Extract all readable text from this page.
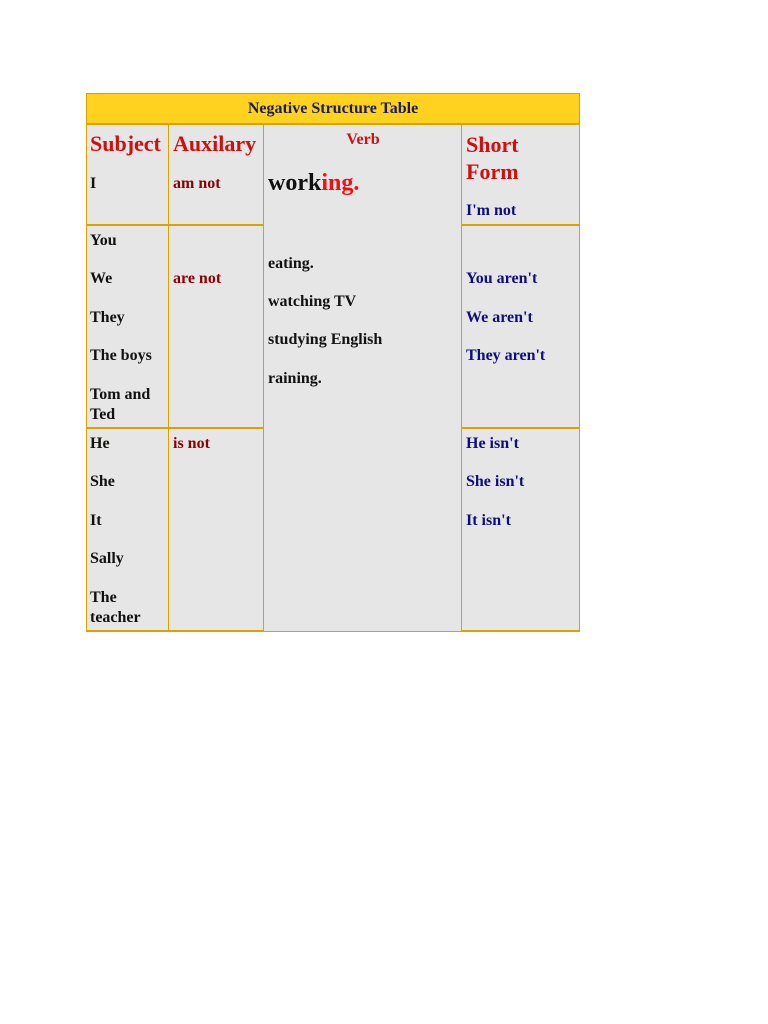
Negative Structure Table
Subject
I
Auxilary
am not
Verb
working.
eating.
watching TV
studying English
raining.
Short Form
I'm not
You
We
They
The boys
Tom and Ted
are not	You aren't
We aren't
They aren't
He
She
It
Sally
The teacher
is not	He isn't
She isn't
It isn't
